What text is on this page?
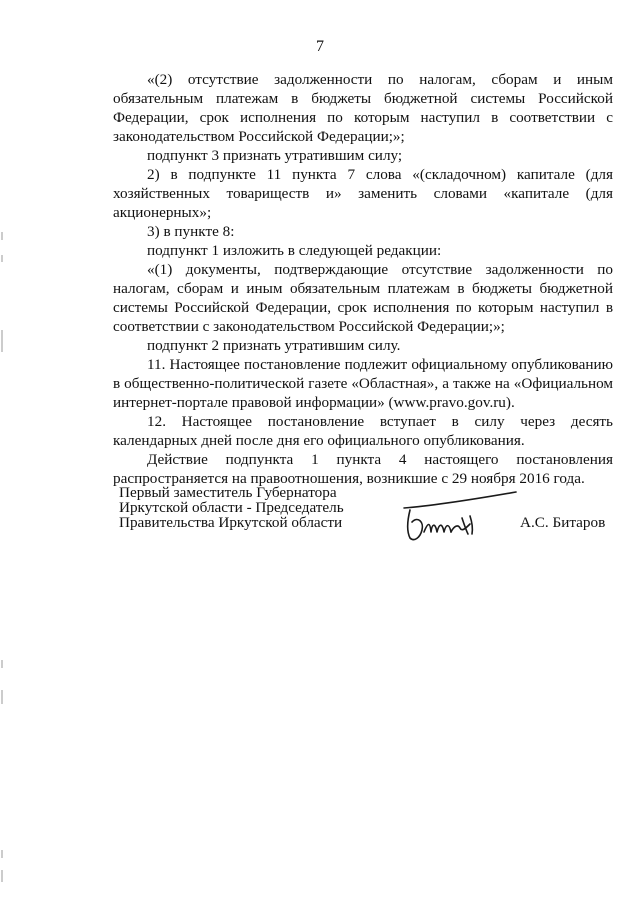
7

«(2) отсутствие задолженности по налогам, сборам и иным обязательным платежам в бюджеты бюджетной системы Российской Федерации, срок исполнения по которым наступил в соответствии с законодательством Российской Федерации;»;

подпункт 3 признать утратившим силу;

2) в подпункте 11 пункта 7 слова «(складочном) капитале (для хозяйственных товариществ и» заменить словами «капитале (для акционерных»;

3) в пункте 8:

подпункт 1 изложить в следующей редакции:

«(1) документы, подтверждающие отсутствие задолженности по налогам, сборам и иным обязательным платежам в бюджеты бюджетной системы Российской Федерации, срок исполнения по которым наступил в соответствии с законодательством Российской Федерации;»;

подпункт 2 признать утратившим силу.

11. Настоящее постановление подлежит официальному опубликованию в общественно-политической газете «Областная», а также на «Официальном интернет-портале правовой информации» (www.pravo.gov.ru).

12. Настоящее постановление вступает в силу через десять календарных дней после дня его официального опубликования.

Действие подпункта 1 пункта 4 настоящего постановления распространяется на правоотношения, возникшие с 29 ноября 2016 года.

Первый заместитель Губернатора
Иркутской области - Председатель
Правительства Иркутской области	А.С. Битаров
